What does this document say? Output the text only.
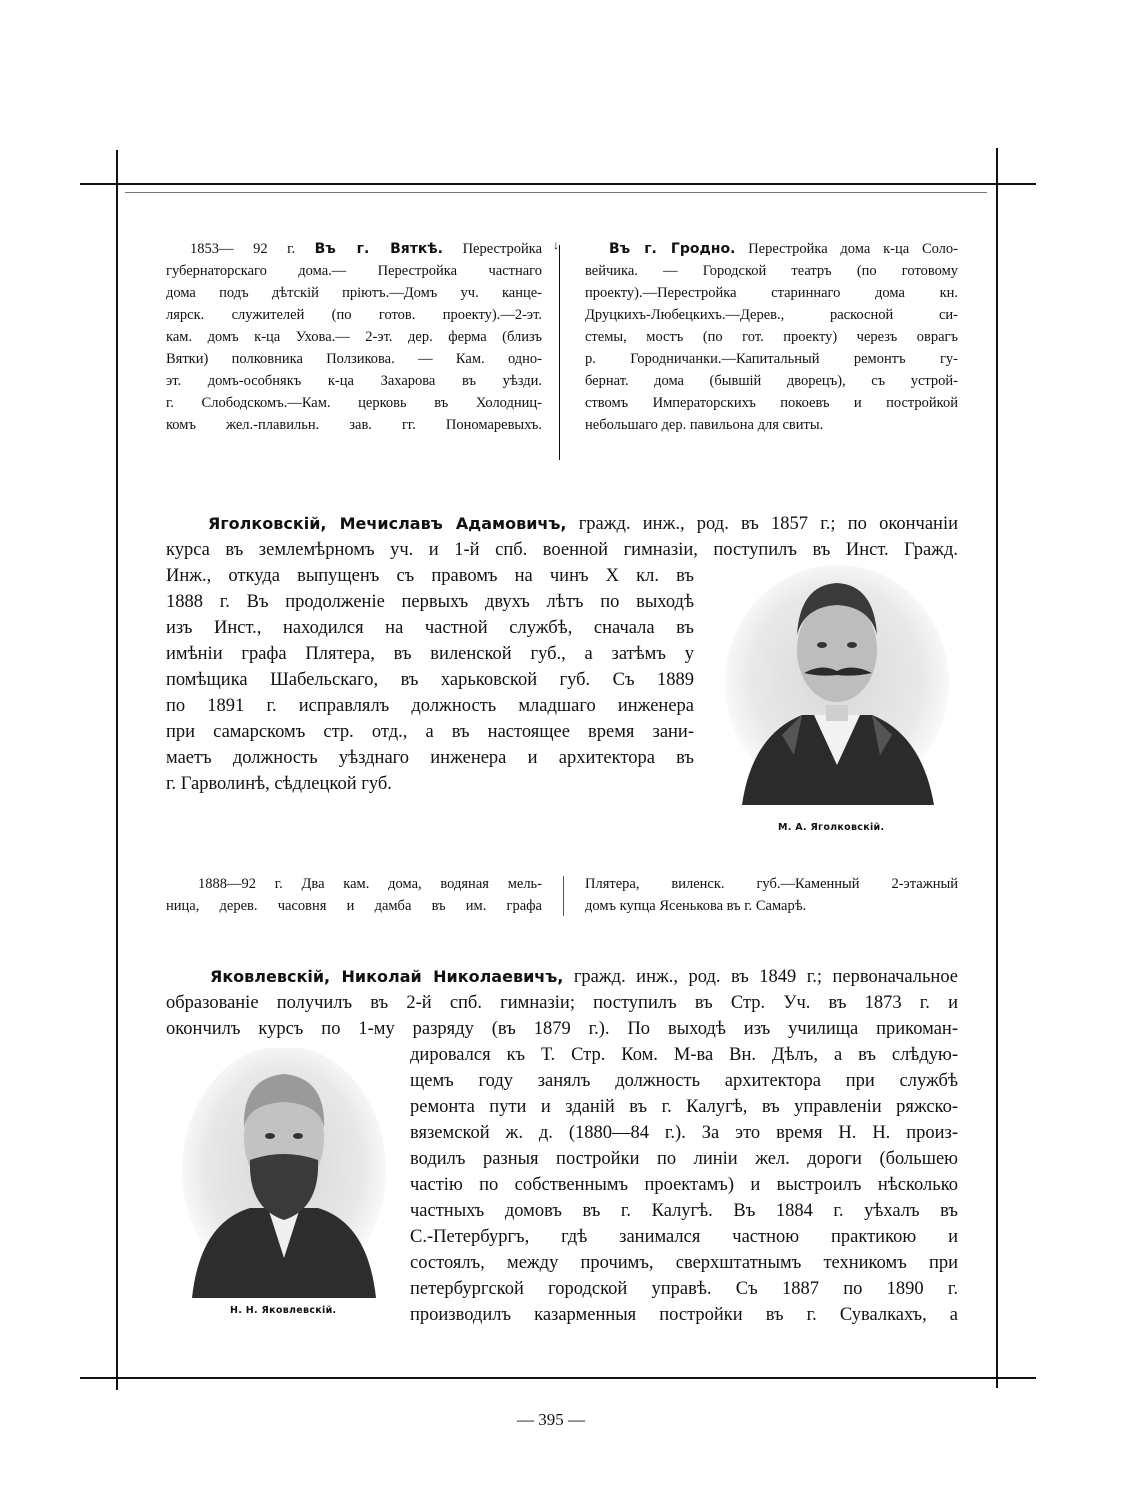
↓
1853— 92 г. Въ г. Вяткѣ. Перестройка
губернаторскаго дома.— Перестройка частнаго
дома подъ дѣтскій пріютъ.—Домъ уч. канце-
лярск. служителей (по готов. проекту).—2-эт.
кам. домъ к-ца Ухова.— 2-эт. дер. ферма (близъ
Вятки) полковника Ползикова. — Кам. одно-
эт. домъ-особнякъ к-ца Захарова въ уѣзди.
г. Слободскомъ.—Кам. церковь въ Холодниц-
комъ жел.-плавильн. зав. гг. Пономаревыхъ.
Въ г. Гродно. Перестройка дома к-ца Соло-
вейчика. — Городской театръ (по готовому
проекту).—Перестройка стариннаго дома кн.
Друцкихъ-Любецкихъ.—Дерев., раскосной си-
стемы, мостъ (по гот. проекту) черезъ оврагъ
р. Городничанки.—Капитальный ремонтъ гу-
бернат. дома (бывшій дворецъ), съ устрой-
ствомъ Императорскихъ покоевъ и постройкой
небольшаго дер. павильона для свиты.
Яголковскій, Мечиславъ Адамовичъ, гражд. инж., род. въ 1857 г.; по окончаніи
курса въ землемѣрномъ уч. и 1-й спб. военной гимназіи, поступилъ въ Инст. Гражд.
Инж., откуда выпущенъ съ правомъ на чинъ X кл. въ
1888 г. Въ продолженіе первыхъ двухъ лѣтъ по выходѣ
изъ Инст., находился на частной службѣ, сначала въ
имѣніи графа Плятера, въ виленской губ., а затѣмъ у
помѣщика Шабельскаго, въ харьковской губ. Съ 1889
по 1891 г. исправлялъ должность младшаго инженера
при самарскомъ стр. отд., а въ настоящее время зани-
маетъ должность уѣзднаго инженера и архитектора въ
г. Гарволинѣ, сѣдлецкой губ.
М. А. Яголковскій.
1888—92 г. Два кам. дома, водяная мель-
ница, дерев. часовня и дамба въ им. графа
Плятера, виленск. губ.—Каменный 2-этажный
домъ купца Ясенькова въ г. Самарѣ.
Яковлевскій, Николай Николаевичъ, гражд. инж., род. въ 1849 г.; первоначальное
образованіе получилъ въ 2-й спб. гимназіи; поступилъ въ Стр. Уч. въ 1873 г. и
окончилъ курсъ по 1-му разряду (въ 1879 г.). По выходѣ изъ училища прикоман-
дировался къ Т. Стр. Ком. М-ва Вн. Дѣлъ, а въ слѣдую-
щемъ году занялъ должность архитектора при службѣ
ремонта пути и зданій въ г. Калугѣ, въ управленіи ряжско-
вяземской ж. д. (1880—84 г.). За это время Н. Н. произ-
водилъ разныя постройки по линіи жел. дороги (большею
частію по собственнымъ проектамъ) и выстроилъ нѣсколько
частныхъ домовъ въ г. Калугѣ. Въ 1884 г. уѣхалъ въ
С.-Петербургъ, гдѣ занимался частною практикою и
состоялъ, между прочимъ, сверхштатнымъ техникомъ при
петербургской городской управѣ. Съ 1887 по 1890 г.
производилъ казарменныя постройки въ г. Сувалкахъ, а
Н. Н. Яковлевскій.
— 395 —
